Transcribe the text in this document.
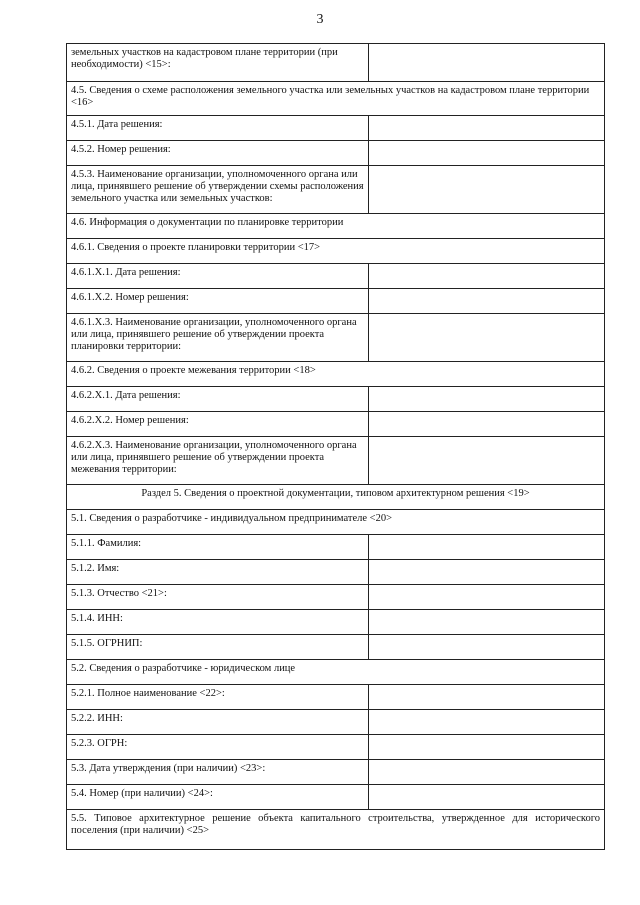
3
земельных участков на кадастровом плане территории (при необходимости) <15>:	
4.5. Сведения о схеме расположения земельного участка или земельных участков на кадастровом плане территории <16>	
4.5.1. Дата решения:	
4.5.2. Номер решения:	
4.5.3. Наименование организации, уполномоченного органа или лица, принявшего решение об утверждении схемы расположения земельного участка или земельных участков:	
4.6. Информация о документации по планировке территории	
4.6.1. Сведения о проекте планировки территории <17>	
4.6.1.Х.1. Дата решения:	
4.6.1.Х.2. Номер решения:	
4.6.1.Х.3. Наименование организации, уполномоченного органа или лица, принявшего решение об утверждении проекта планировки территории:	
4.6.2. Сведения о проекте межевания территории <18>	
4.6.2.Х.1. Дата решения:	
4.6.2.Х.2. Номер решения:	
4.6.2.Х.3. Наименование организации, уполномоченного органа или лица, принявшего решение об утверждении проекта межевания территории:	
Раздел 5. Сведения о проектной документации, типовом архитектурном решения <19>	
5.1. Сведения о разработчике - индивидуальном предпринимателе <20>	
5.1.1. Фамилия:	
5.1.2. Имя:	
5.1.3. Отчество <21>:	
5.1.4. ИНН:	
5.1.5. ОГРНИП:	
5.2. Сведения о разработчике - юридическом лице	
5.2.1. Полное наименование <22>:	
5.2.2. ИНН:	
5.2.3. ОГРН:	
5.3. Дата утверждения (при наличии) <23>:	
5.4. Номер (при наличии) <24>:	
5.5. Типовое архитектурное решение объекта капитального строительства, утвержденное для исторического поселения (при наличии) <25>	
